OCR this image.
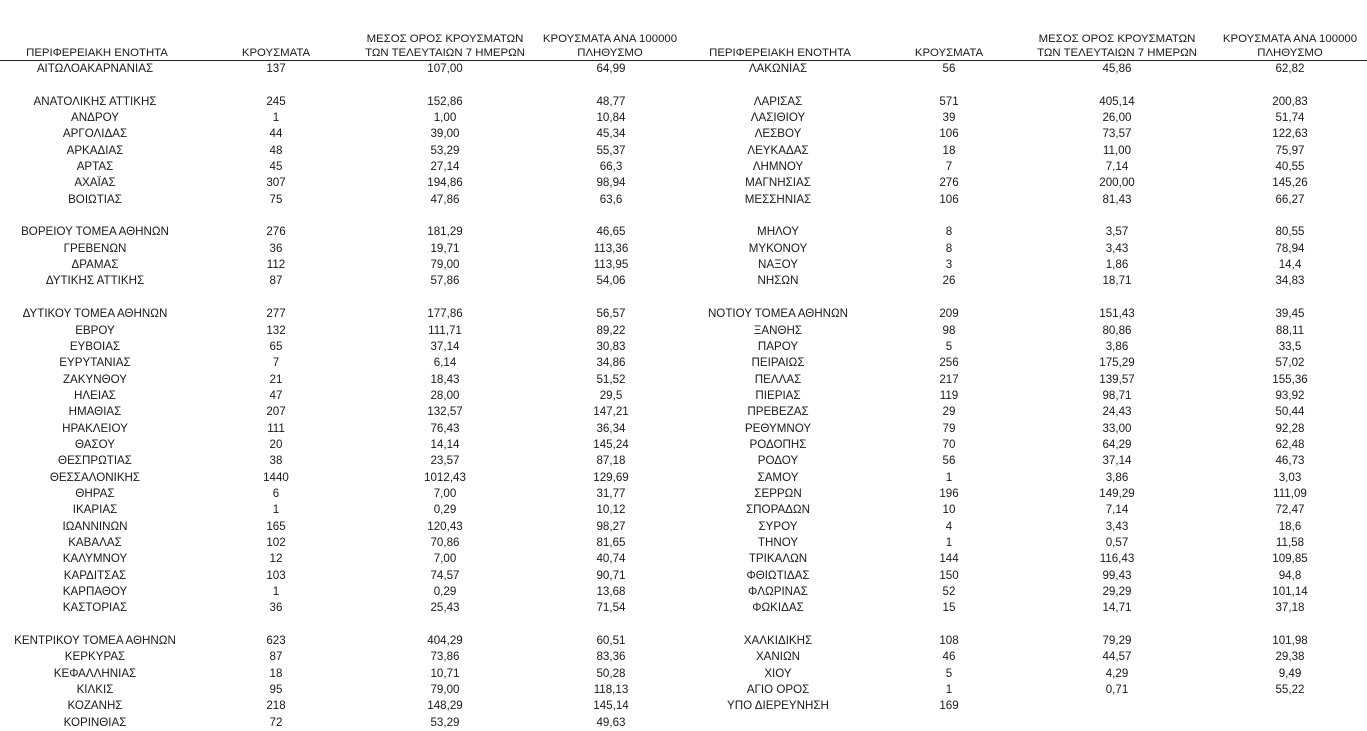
ΠΕΡΙΦΕΡΕΙΑΚΗ ΕΝΟΤΗΤΑ	ΚΡΟΥΣΜΑΤΑ
ΜΕΣΟΣ ΟΡΟΣ ΚΡΟΥΣΜΑΤΩΝ
ΤΩΝ ΤΕΛΕΥΤΑΙΩΝ 7 ΗΜΕΡΩΝ
ΚΡΟΥΣΜΑΤΑ ΑΝΑ 100000
ΠΛΗΘΥΣΜΟ
ΑΙΤΩΛΟΑΚΑΡΝΑΝΙΑΣ	137	107,00	64,99
ΑΝΑΤΟΛΙΚΗΣ ΑΤΤΙΚΗΣ	245	152,86	48,77
ΑΝΔΡΟΥ	1	1,00	10,84
ΑΡΓΟΛΙΔΑΣ	44	39,00	45,34
ΑΡΚΑΔΙΑΣ	48	53,29	55,37
ΑΡΤΑΣ	45	27,14	66,3
ΑΧΑΪΑΣ	307	194,86	98,94
ΒΟΙΩΤΙΑΣ	75	47,86	63,6
ΒΟΡΕΙΟΥ ΤΟΜΕΑ ΑΘΗΝΩΝ	276	181,29	46,65
ΓΡΕΒΕΝΩΝ	36	19,71	113,36
ΔΡΑΜΑΣ	112	79,00	113,95
ΔΥΤΙΚΗΣ ΑΤΤΙΚΗΣ	87	57,86	54,06
ΔΥΤΙΚΟΥ ΤΟΜΕΑ ΑΘΗΝΩΝ	277	177,86	56,57
ΕΒΡΟΥ	132	111,71	89,22
ΕΥΒΟΙΑΣ	65	37,14	30,83
ΕΥΡΥΤΑΝΙΑΣ	7	6,14	34,86
ΖΑΚΥΝΘΟΥ	21	18,43	51,52
ΗΛΕΙΑΣ	47	28,00	29,5
ΗΜΑΘΙΑΣ	207	132,57	147,21
ΗΡΑΚΛΕΙΟΥ	111	76,43	36,34
ΘΑΣΟΥ	20	14,14	145,24
ΘΕΣΠΡΩΤΙΑΣ	38	23,57	87,18
ΘΕΣΣΑΛΟΝΙΚΗΣ	1440	1012,43	129,69
ΘΗΡΑΣ	6	7,00	31,77
ΙΚΑΡΙΑΣ	1	0,29	10,12
ΙΩΑΝΝΙΝΩΝ	165	120,43	98,27
ΚΑΒΑΛΑΣ	102	70,86	81,65
ΚΑΛΥΜΝΟΥ	12	7,00	40,74
ΚΑΡΔΙΤΣΑΣ	103	74,57	90,71
ΚΑΡΠΑΘΟΥ	1	0,29	13,68
ΚΑΣΤΟΡΙΑΣ	36	25,43	71,54
ΚΕΝΤΡΙΚΟΥ ΤΟΜΕΑ ΑΘΗΝΩΝ	623	404,29	60,51
ΚΕΡΚΥΡΑΣ	87	73,86	83,36
ΚΕΦΑΛΛΗΝΙΑΣ	18	10,71	50,28
ΚΙΛΚΙΣ	95	79,00	118,13
ΚΟΖΑΝΗΣ	218	148,29	145,14
ΚΟΡΙΝΘΙΑΣ	72	53,29	49,63
ΠΕΡΙΦΕΡΕΙΑΚΗ ΕΝΟΤΗΤΑ	ΚΡΟΥΣΜΑΤΑ
ΜΕΣΟΣ ΟΡΟΣ ΚΡΟΥΣΜΑΤΩΝ
ΤΩΝ ΤΕΛΕΥΤΑΙΩΝ 7 ΗΜΕΡΩΝ
ΚΡΟΥΣΜΑΤΑ ΑΝΑ 100000
ΠΛΗΘΥΣΜΟ
ΛΑΚΩΝΙΑΣ	56	45,86	62,82
ΛΑΡΙΣΑΣ	571	405,14	200,83
ΛΑΣΙΘΙΟΥ	39	26,00	51,74
ΛΕΣΒΟΥ	106	73,57	122,63
ΛΕΥΚΑΔΑΣ	18	11,00	75,97
ΛΗΜΝΟΥ	7	7,14	40,55
ΜΑΓΝΗΣΙΑΣ	276	200,00	145,26
ΜΕΣΣΗΝΙΑΣ	106	81,43	66,27
ΜΗΛΟΥ	8	3,57	80,55
ΜΥΚΟΝΟΥ	8	3,43	78,94
ΝΑΞΟΥ	3	1,86	14,4
ΝΗΣΩΝ	26	18,71	34,83
ΝΟΤΙΟΥ ΤΟΜΕΑ ΑΘΗΝΩΝ	209	151,43	39,45
ΞΑΝΘΗΣ	98	80,86	88,11
ΠΑΡΟΥ	5	3,86	33,5
ΠΕΙΡΑΙΩΣ	256	175,29	57,02
ΠΕΛΛΑΣ	217	139,57	155,36
ΠΙΕΡΙΑΣ	119	98,71	93,92
ΠΡΕΒΕΖΑΣ	29	24,43	50,44
ΡΕΘΥΜΝΟΥ	79	33,00	92,28
ΡΟΔΟΠΗΣ	70	64,29	62,48
ΡΟΔΟΥ	56	37,14	46,73
ΣΑΜΟΥ	1	3,86	3,03
ΣΕΡΡΩΝ	196	149,29	111,09
ΣΠΟΡΑΔΩΝ	10	7,14	72,47
ΣΥΡΟΥ	4	3,43	18,6
ΤΗΝΟΥ	1	0,57	11,58
ΤΡΙΚΑΛΩΝ	144	116,43	109,85
ΦΘΙΩΤΙΔΑΣ	150	99,43	94,8
ΦΛΩΡΙΝΑΣ	52	29,29	101,14
ΦΩΚΙΔΑΣ	15	14,71	37,18
ΧΑΛΚΙΔΙΚΗΣ	108	79,29	101,98
ΧΑΝΙΩΝ	46	44,57	29,38
ΧΙΟΥ	5	4,29	9,49
ΑΓΙΟ ΟΡΟΣ	1	0,71	55,22
ΥΠΟ ΔΙΕΡΕΥΝΗΣΗ	169
